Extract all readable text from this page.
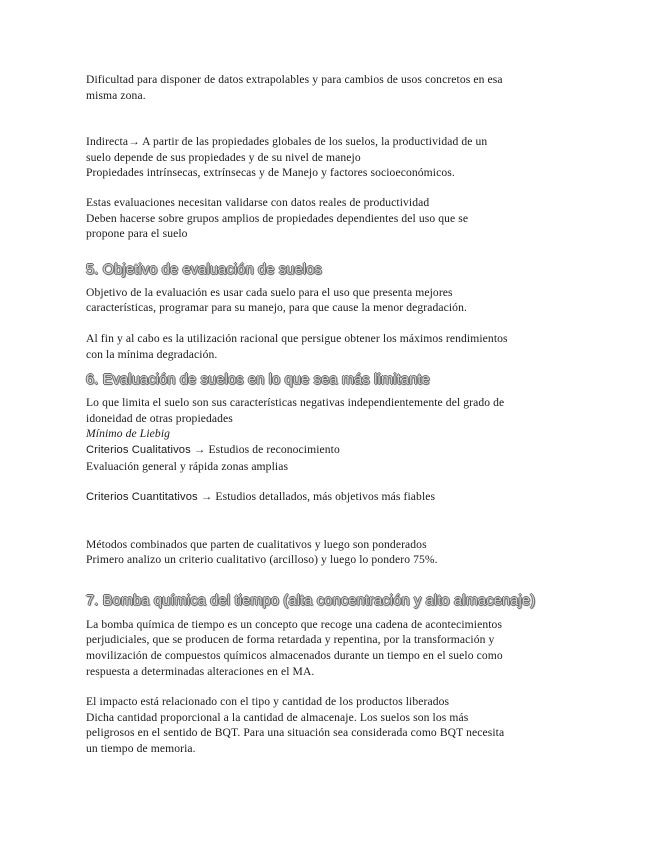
Dificultad para disponer de datos extrapolables y para cambios de usos concretos en esa
misma zona.

Indirecta→ A partir de las propiedades globales de los suelos, la productividad de un
suelo depende de sus propiedades y de su nivel de manejo
Propiedades intrínsecas, extrínsecas y de Manejo y factores socioeconómicos.

Estas evaluaciones necesitan validarse con datos reales de productividad
Deben hacerse sobre grupos amplios de propiedades dependientes del uso que se
propone para el suelo

5. Objetivo de evaluación de suelos

Objetivo de la evaluación es usar cada suelo para el uso que presenta mejores
características, programar para su manejo, para que cause la menor degradación.

Al fin y al cabo es la utilización racional que persigue obtener los máximos rendimientos
con la mínima degradación.

6. Evaluación de suelos en lo que sea más limitante

Lo que limita el suelo son sus características negativas independientemente del grado de
idoneidad de otras propiedades
Mínimo de Liebig
Criterios Cualitativos → Estudios de reconocimiento
Evaluación general y rápida zonas amplias

Criterios Cuantitativos → Estudios detallados, más objetivos más fiables

Métodos combinados que parten de cualitativos y luego son ponderados
Primero analizo un criterio cualitativo (arcilloso) y luego lo pondero 75%.

7. Bomba química del tiempo (alta concentración y alto almacenaje)

La bomba química de tiempo es un concepto que recoge una cadena de acontecimientos
perjudiciales, que se producen de forma retardada y repentina, por la transformación y
movilización de compuestos químicos almacenados durante un tiempo en el suelo como
respuesta a determinadas alteraciones en el MA.

El impacto está relacionado con el tipo y cantidad de los productos liberados
Dicha cantidad proporcional a la cantidad de almacenaje. Los suelos son los más
peligrosos en el sentido de BQT. Para una situación sea considerada como BQT necesita
un tiempo de memoria.
